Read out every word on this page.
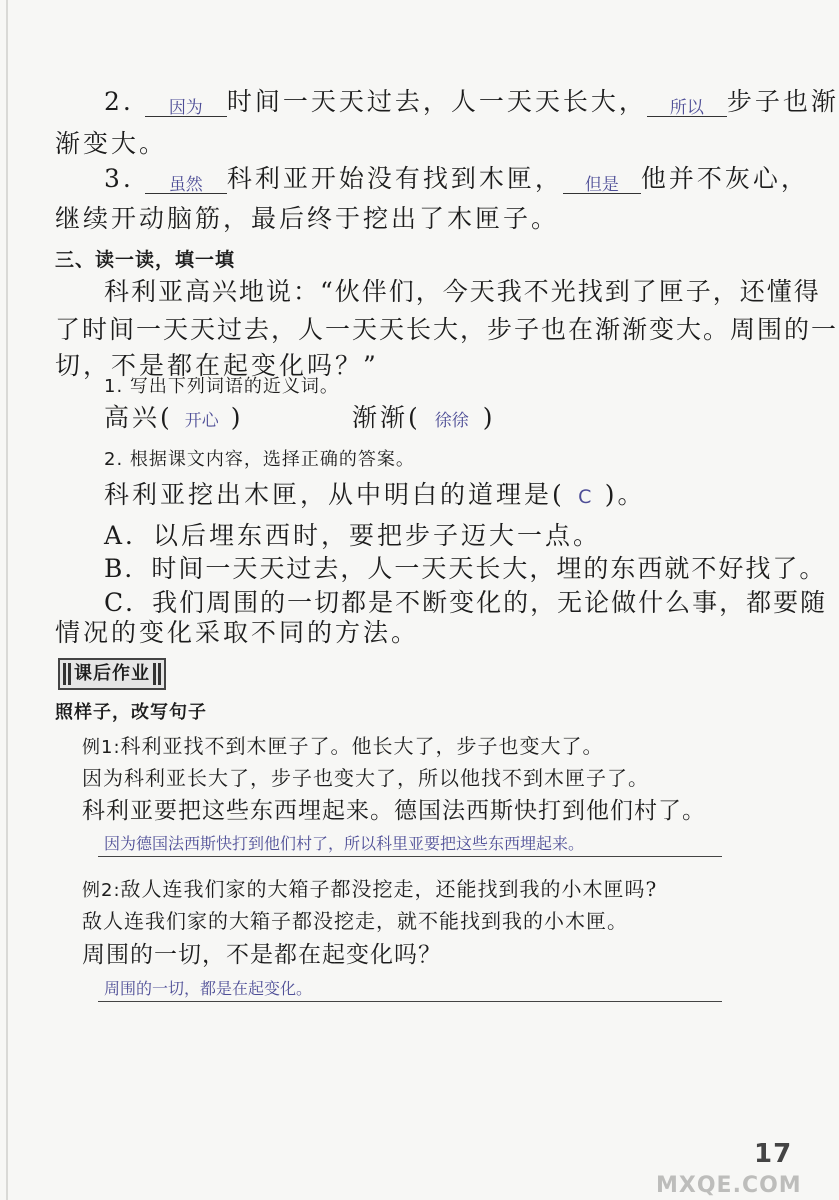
2. 因为 时间一天天过去，人一天天长大， 所以 步子也渐
渐变大。
3. 虽然 科利亚开始没有找到木匣， 但是 他并不灰心，
继续开动脑筋，最后终于挖出了木匣子。
三、读一读，填一填
科利亚高兴地说：“伙伴们，今天我不光找到了匣子，还懂得
了时间一天天过去，人一天天长大，步子也在渐渐变大。周围的一
切，不是都在起变化吗？”
1. 写出下列词语的近义词。
高兴( 开心 )	渐渐( 徐徐 )
2. 根据课文内容，选择正确的答案。
科利亚挖出木匣，从中明白的道理是( C )。
A．以后埋东西时，要把步子迈大一点。
B．时间一天天过去，人一天天长大，埋的东西就不好找了。
C．我们周围的一切都是不断变化的，无论做什么事，都要随
情况的变化采取不同的方法。
课后作业
照样子，改写句子
例1:科利亚找不到木匣子了。他长大了，步子也变大了。
因为科利亚长大了，步子也变大了，所以他找不到木匣子了。
科利亚要把这些东西埋起来。德国法西斯快打到他们村了。
因为德国法西斯快打到他们村了，所以科里亚要把这些东西埋起来。
例2:敌人连我们家的大箱子都没挖走，还能找到我的小木匣吗?
敌人连我们家的大箱子都没挖走，就不能找到我的小木匣。
周围的一切，不是都在起变化吗？
周围的一切，都是在起变化。
17
MXQE.COM
